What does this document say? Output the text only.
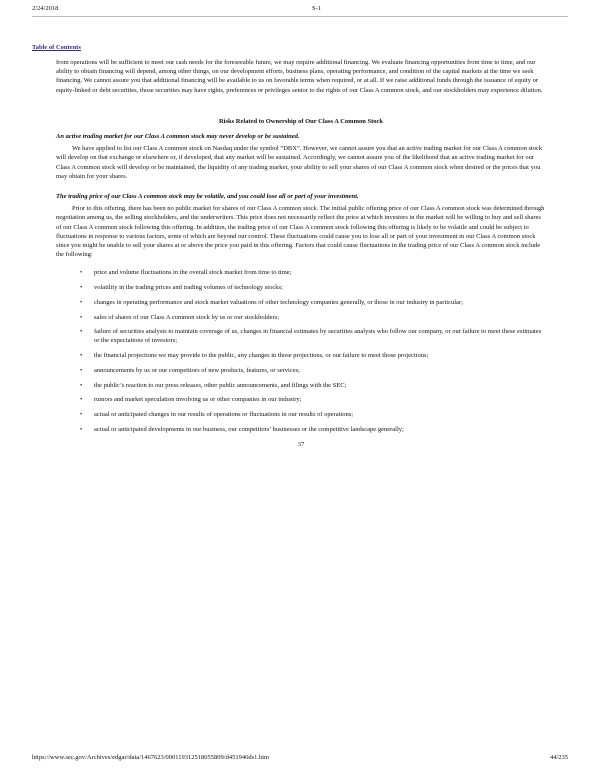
2/24/2018	S-1
Table of Contents

from operations will be sufficient to meet our cash needs for the foreseeable future, we may require additional financing. We evaluate financing opportunities from time to time, and our ability to obtain financing will depend, among other things, on our development efforts, business plans, operating performance, and condition of the capital markets at the time we seek financing. We cannot assure you that additional financing will be available to us on favorable terms when required, or at all. If we raise additional funds through the issuance of equity or equity-linked or debt securities, those securities may have rights, preferences or privileges senior to the rights of our Class A common stock, and our stockholders may experience dilution.

Risks Related to Ownership of Our Class A Common Stock

An active trading market for our Class A common stock may never develop or be sustained.

We have applied to list our Class A common stock on Nasdaq under the symbol “DBX”. However, we cannot assure you that an active trading market for our Class A common stock will develop on that exchange or elsewhere or, if developed, that any market will be sustained. Accordingly, we cannot assure you of the likelihood that an active trading market for our Class A common stock will develop or be maintained, the liquidity of any trading market, your ability to sell your shares of our Class A common stock when desired or the prices that you may obtain for your shares.

The trading price of our Class A common stock may be volatile, and you could lose all or part of your investment.

Prior to this offering, there has been no public market for shares of our Class A common stock. The initial public offering price of our Class A common stock was determined through negotiation among us, the selling stockholders, and the underwriters. This price does not necessarily reflect the price at which investors in the market will be willing to buy and sell shares of our Class A common stock following this offering. In addition, the trading price of our Class A common stock following this offering is likely to be volatile and could be subject to fluctuations in response to various factors, some of which are beyond our control. These fluctuations could cause you to lose all or part of your investment in our Class A common stock since you might be unable to sell your shares at or above the price you paid in this offering. Factors that could cause fluctuations in the trading price of our Class A common stock include the following:

• price and volume fluctuations in the overall stock market from time to time;
• volatility in the trading prices and trading volumes of technology stocks;
• changes in operating performance and stock market valuations of other technology companies generally, or those in our industry in particular;
• sales of shares of our Class A common stock by us or our stockholders;
• failure of securities analysts to maintain coverage of us, changes in financial estimates by securities analysts who follow our company, or our failure to meet these estimates or the expectations of investors;
• the financial projections we may provide to the public, any changes in those projections, or our failure to meet those projections;
• announcements by us or our competitors of new products, features, or services;
• the public’s reaction to our press releases, other public announcements, and filings with the SEC;
• rumors and market speculation involving us or other companies in our industry;
• actual or anticipated changes in our results of operations or fluctuations in our results of operations;
• actual or anticipated developments in our business, our competitors’ businesses or the competitive landscape generally;

37

https://www.sec.gov/Archives/edgar/data/1467623/000119312518055809/d451946ds1.htm	44/235
